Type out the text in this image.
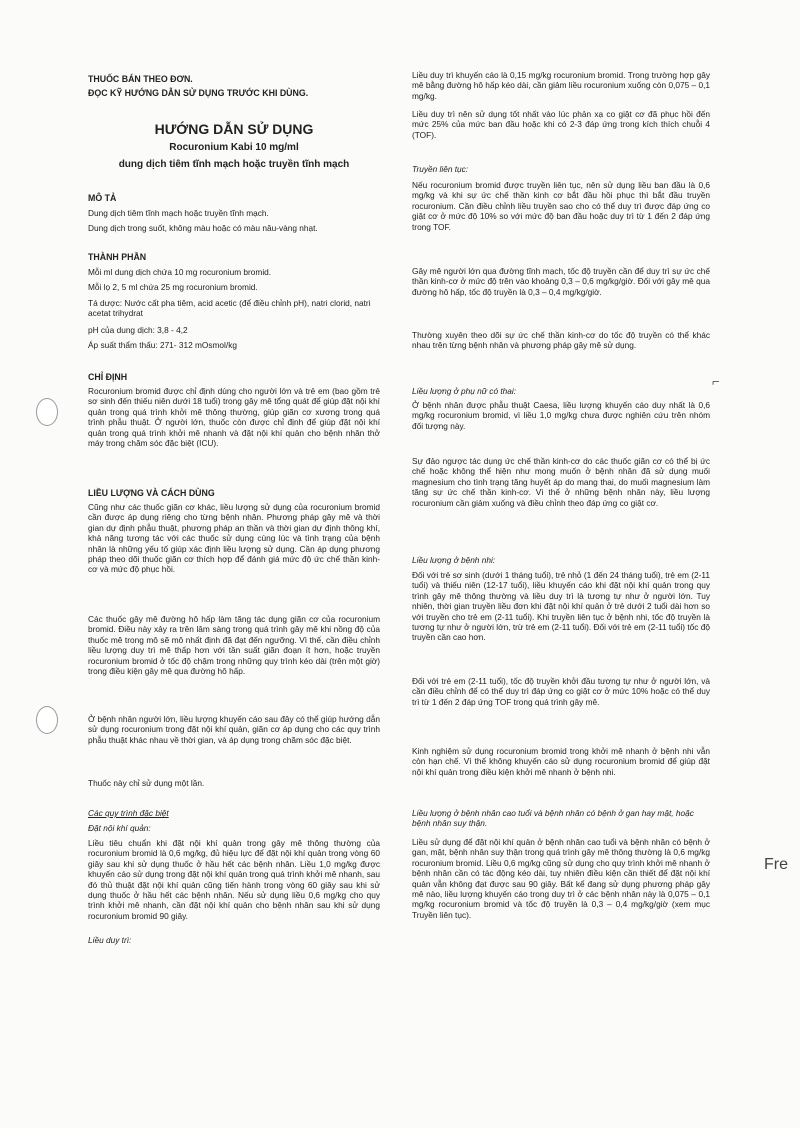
⌐
Fre

THUỐC BÁN THEO ĐƠN.

ĐỌC KỸ HƯỚNG DẪN SỬ DỤNG TRƯỚC KHI DÙNG.

HƯỚNG DẪN SỬ DỤNG
Rocuronium Kabi 10 mg/ml
dung dịch tiêm tĩnh mạch hoặc truyền tĩnh mạch

MÔ TẢ

Dung dịch tiêm tĩnh mạch hoặc truyền tĩnh mạch.

Dung dịch trong suốt, không màu hoặc có màu nâu-vàng nhạt.

THÀNH PHẦN

Mỗi ml dung dịch chứa 10 mg rocuronium bromid.

Mỗi lọ 2, 5 ml chứa 25 mg rocuronium bromid.

Tá dược: Nước cất pha tiêm, acid acetic (để điều chỉnh pH), natri clorid, natri acetat trihydrat

pH của dung dịch: 3,8 - 4,2

Áp suất thẩm thấu: 271- 312 mOsmol/kg

CHỈ ĐỊNH

Rocuronium bromid được chỉ định dùng cho người lớn và trẻ em (bao gồm trẻ sơ sinh đến thiếu niên dưới 18 tuổi) trong gây mê tổng quát để giúp đặt nội khí quản trong quá trình khởi mê thông thường, giúp giãn cơ xương trong quá trình phẫu thuật. Ở người lớn, thuốc còn được chỉ định để giúp đặt nội khí quản trong quá trình khởi mê nhanh và đặt nội khí quản cho bệnh nhân thở máy trong chăm sóc đặc biệt (ICU).

LIỀU LƯỢNG VÀ CÁCH DÙNG

Cũng như các thuốc giãn cơ khác, liều lượng sử dụng của rocuronium bromid cần được áp dụng riêng cho từng bệnh nhân. Phương pháp gây mê và thời gian dự định phẫu thuật, phương pháp an thần và thời gian dự định thông khí, khả năng tương tác với các thuốc sử dụng cùng lúc và tình trạng của bệnh nhân là những yếu tố giúp xác định liều lượng sử dụng. Cần áp dụng phương pháp theo dõi thuốc giãn cơ thích hợp để đánh giá mức độ ức chế thần kinh-cơ và mức độ phục hồi.

Các thuốc gây mê đường hô hấp làm tăng tác dụng giãn cơ của rocuronium bromid. Điều này xảy ra trên lâm sàng trong quá trình gây mê khi nồng độ của thuốc mê trong mô sẽ mô nhất định đã đạt đến ngưỡng. Vì thế, cần điều chỉnh liều lượng duy trì mê thấp hơn với tần suất giãn đoạn ít hơn, hoặc truyền rocuronium bromid ở tốc độ chậm trong những quy trình kéo dài (trên một giờ) trong điều kiện gây mê qua đường hô hấp.

Ở bệnh nhân người lớn, liều lượng khuyến cáo sau đây có thể giúp hướng dẫn sử dụng rocuronium trong đặt nội khí quản, giãn cơ áp dụng cho các quy trình phẫu thuật khác nhau về thời gian, và áp dụng trong chăm sóc đặc biệt.

Thuốc này chỉ sử dụng một lần.

Các quy trình đặc biệt

Đặt nội khí quản:

Liều tiêu chuẩn khi đặt nội khí quản trong gây mê thông thường của rocuronium bromid là 0,6 mg/kg, đủ hiệu lực để đặt nội khí quản trong vòng 60 giây sau khi sử dụng thuốc ở hầu hết các bệnh nhân. Liều 1,0 mg/kg được khuyến cáo sử dụng trong đặt nội khí quản trong quá trình khởi mê nhanh, sau đó thủ thuật đặt nội khí quản cũng tiến hành trong vòng 60 giây sau khi sử dụng thuốc ở hầu hết các bệnh nhân. Nếu sử dụng liều 0,6 mg/kg cho quy trình khởi mê nhanh, cần đặt nội khí quản cho bệnh nhân sau khi sử dụng rocuronium bromid 90 giây.

Liều duy trì:

Liều duy trì khuyến cáo là 0,15 mg/kg rocuronium bromid. Trong trường hợp gây mê bằng đường hô hấp kéo dài, cần giảm liều rocuronium xuống còn 0,075 – 0,1 mg/kg.

Liều duy trì nên sử dụng tốt nhất vào lúc phản xạ co giật cơ đã phục hồi đến mức 25% của mức ban đầu hoặc khi có 2-3 đáp ứng trong kích thích chuỗi 4 (TOF).

Truyền liên tục:

Nếu rocuronium bromid được truyền liên tục, nên sử dụng liều ban đầu là 0,6 mg/kg và khi sự ức chế thần kinh cơ bắt đầu hồi phục thì bắt đầu truyền rocuronium. Cần điều chỉnh liều truyền sao cho có thể duy trì được đáp ứng co giật cơ ở mức độ 10% so với mức độ ban đầu hoặc duy trì từ 1 đến 2 đáp ứng trong TOF.

Gây mê người lớn qua đường tĩnh mạch, tốc độ truyền cần để duy trì sự ức chế thần kinh-cơ ở mức độ trên vào khoảng 0,3 – 0,6 mg/kg/giờ. Đối với gây mê qua đường hô hấp, tốc độ truyền là 0,3 – 0,4 mg/kg/giờ.

Thường xuyên theo dõi sự ức chế thần kinh-cơ do tốc độ truyền có thể khác nhau trên từng bệnh nhân và phương pháp gây mê sử dụng.

Liều lượng ở phụ nữ có thai:

Ở bệnh nhân được phẫu thuật Caesa, liều lượng khuyến cáo duy nhất là 0,6 mg/kg rocuronium bromid, vì liều 1,0 mg/kg chưa được nghiên cứu trên nhóm đối tượng này.

Sự đảo ngược tác dụng ức chế thần kinh-cơ do các thuốc giãn cơ có thể bị ức chế hoặc không thể hiện như mong muốn ở bệnh nhân đã sử dụng muối magnesium cho tình trạng tăng huyết áp do mang thai, do muối magnesium làm tăng sự ức chế thần kinh-cơ. Vì thế ở những bệnh nhân này, liều lượng rocuronium cần giảm xuống và điều chỉnh theo đáp ứng co giật cơ.

Liều lượng ở bệnh nhi:

Đối với trẻ sơ sinh (dưới 1 tháng tuổi), trẻ nhỏ (1 đến 24 tháng tuổi), trẻ em (2-11 tuổi) và thiếu niên (12-17 tuổi), liều khuyến cáo khi đặt nội khí quản trong quy trình gây mê thông thường và liều duy trì là tương tự như ở người lớn. Tuy nhiên, thời gian truyền liều đơn khi đặt nội khí quản ở trẻ dưới 2 tuổi dài hơn so với truyền cho trẻ em (2-11 tuổi). Khi truyền liên tục ở bệnh nhi, tốc độ truyền là tương tự như ở người lớn, trừ trẻ em (2-11 tuổi). Đối với trẻ em (2-11 tuổi) tốc độ truyền cần cao hơn.

Đối với trẻ em (2-11 tuổi), tốc độ truyền khởi đầu tương tự như ở người lớn, và cần điều chỉnh để có thể duy trì đáp ứng co giật cơ ở mức 10% hoặc có thể duy trì từ 1 đến 2 đáp ứng TOF trong quá trình gây mê.

Kinh nghiệm sử dụng rocuronium bromid trong khởi mê nhanh ở bệnh nhi vẫn còn hạn chế. Vì thế không khuyến cáo sử dụng rocuronium bromid để giúp đặt nội khí quản trong điều kiện khởi mê nhanh ở bệnh nhi.

Liều lượng ở bệnh nhân cao tuổi và bệnh nhân có bệnh ở gan hay mật, hoặc bệnh nhân suy thận.

Liều sử dụng để đặt nội khí quản ở bệnh nhân cao tuổi và bệnh nhân có bệnh ở gan, mật, bệnh nhân suy thận trong quá trình gây mê thông thường là 0,6 mg/kg rocuronium bromid. Liều 0,6 mg/kg cũng sử dụng cho quy trình khởi mê nhanh ở bệnh nhân cần có tác động kéo dài, tuy nhiên điều kiện cần thiết để đặt nội khí quản vẫn không đạt được sau 90 giây. Bất kể đang sử dụng phương pháp gây mê nào, liều lượng khuyến cáo trong duy trì ở các bệnh nhân này là 0,075 – 0,1 mg/kg rocuronium bromid và tốc độ truyền là 0,3 – 0,4 mg/kg/giờ (xem mục Truyền liên tục).
